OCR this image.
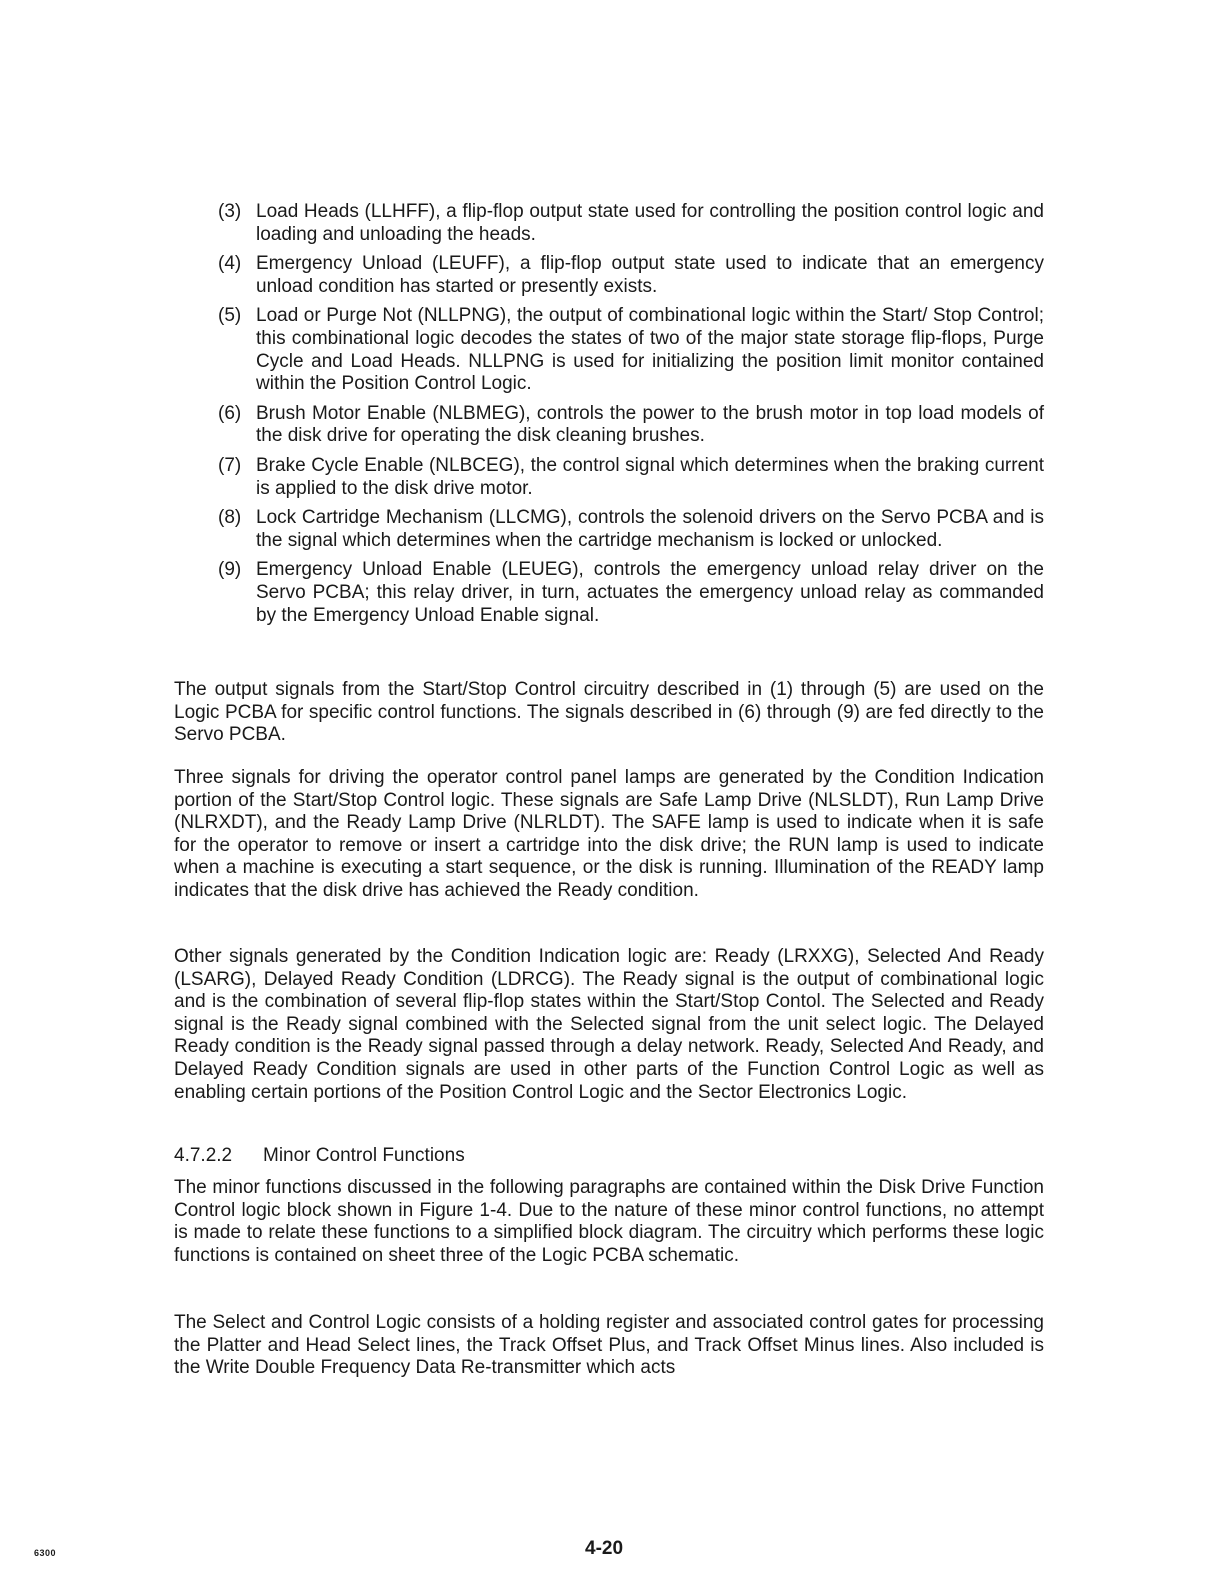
(3) Load Heads (LLHFF), a flip-flop output state used for controlling the position control logic and loading and unloading the heads.
(4) Emergency Unload (LEUFF), a flip-flop output state used to indicate that an emergency unload condition has started or presently exists.
(5) Load or Purge Not (NLLPNG), the output of combinational logic within the Start/ Stop Control; this combinational logic decodes the states of two of the major state storage flip-flops, Purge Cycle and Load Heads. NLLPNG is used for initializing the position limit monitor contained within the Position Control Logic.
(6) Brush Motor Enable (NLBMEG), controls the power to the brush motor in top load models of the disk drive for operating the disk cleaning brushes.
(7) Brake Cycle Enable (NLBCEG), the control signal which determines when the braking current is applied to the disk drive motor.
(8) Lock Cartridge Mechanism (LLCMG), controls the solenoid drivers on the Servo PCBA and is the signal which determines when the cartridge mechanism is locked or unlocked.
(9) Emergency Unload Enable (LEUEG), controls the emergency unload relay driver on the Servo PCBA; this relay driver, in turn, actuates the emergency unload relay as commanded by the Emergency Unload Enable signal.

The output signals from the Start/Stop Control circuitry described in (1) through (5) are used on the Logic PCBA for specific control functions. The signals described in (6) through (9) are fed directly to the Servo PCBA.

Three signals for driving the operator control panel lamps are generated by the Condition Indication portion of the Start/Stop Control logic. These signals are Safe Lamp Drive (NLSLDT), Run Lamp Drive (NLRXDT), and the Ready Lamp Drive (NLRLDT). The SAFE lamp is used to indicate when it is safe for the operator to remove or insert a cartridge into the disk drive; the RUN lamp is used to indicate when a machine is executing a start sequence, or the disk is running. Illumination of the READY lamp indicates that the disk drive has achieved the Ready condition.

Other signals generated by the Condition Indication logic are: Ready (LRXXG), Selected And Ready (LSARG), Delayed Ready Condition (LDRCG). The Ready signal is the output of combinational logic and is the combination of several flip-flop states within the Start/Stop Contol. The Selected and Ready signal is the Ready signal combined with the Selected signal from the unit select logic. The Delayed Ready condition is the Ready signal passed through a delay network. Ready, Selected And Ready, and Delayed Ready Condition signals are used in other parts of the Function Control Logic as well as enabling certain portions of the Position Control Logic and the Sector Electronics Logic.

4.7.2.2 Minor Control Functions

The minor functions discussed in the following paragraphs are contained within the Disk Drive Function Control logic block shown in Figure 1-4. Due to the nature of these minor control functions, no attempt is made to relate these functions to a simplified block diagram. The circuitry which performs these logic functions is contained on sheet three of the Logic PCBA schematic.

The Select and Control Logic consists of a holding register and associated control gates for processing the Platter and Head Select lines, the Track Offset Plus, and Track Offset Minus lines. Also included is the Write Double Frequency Data Re-transmitter which acts

6300	4-20
